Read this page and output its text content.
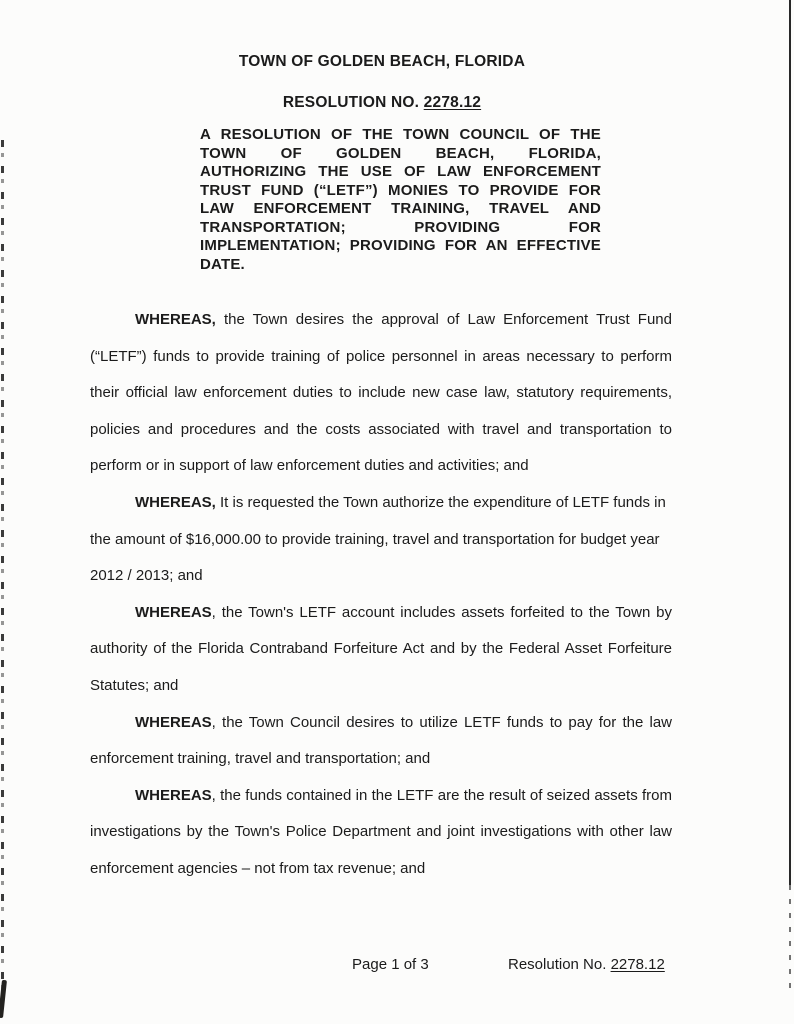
TOWN OF GOLDEN BEACH, FLORIDA
RESOLUTION NO. 2278.12
A RESOLUTION OF THE TOWN COUNCIL OF THE TOWN OF GOLDEN BEACH, FLORIDA, AUTHORIZING THE USE OF LAW ENFORCEMENT TRUST FUND (“LETF”) MONIES TO PROVIDE FOR LAW ENFORCEMENT TRAINING, TRAVEL AND TRANSPORTATION; PROVIDING FOR IMPLEMENTATION; PROVIDING FOR AN EFFECTIVE DATE.

WHEREAS, the Town desires the approval of Law Enforcement Trust Fund (“LETF”) funds to provide training of police personnel in areas necessary to perform their official law enforcement duties to include new case law, statutory requirements, policies and procedures and the costs associated with travel and transportation to perform or in support of law enforcement duties and activities; and

WHEREAS, It is requested the Town authorize the expenditure of LETF funds in the amount of $16,000.00 to provide training, travel and transportation for budget year 2012 / 2013; and

WHEREAS, the Town's LETF account includes assets forfeited to the Town by authority of the Florida Contraband Forfeiture Act and by the Federal Asset Forfeiture Statutes; and

WHEREAS, the Town Council desires to utilize LETF funds to pay for the law enforcement training, travel and transportation; and

WHEREAS, the funds contained in the LETF are the result of seized assets from investigations by the Town's Police Department and joint investigations with other law enforcement agencies – not from tax revenue; and

Page 1 of 3	Resolution No. 2278.12
